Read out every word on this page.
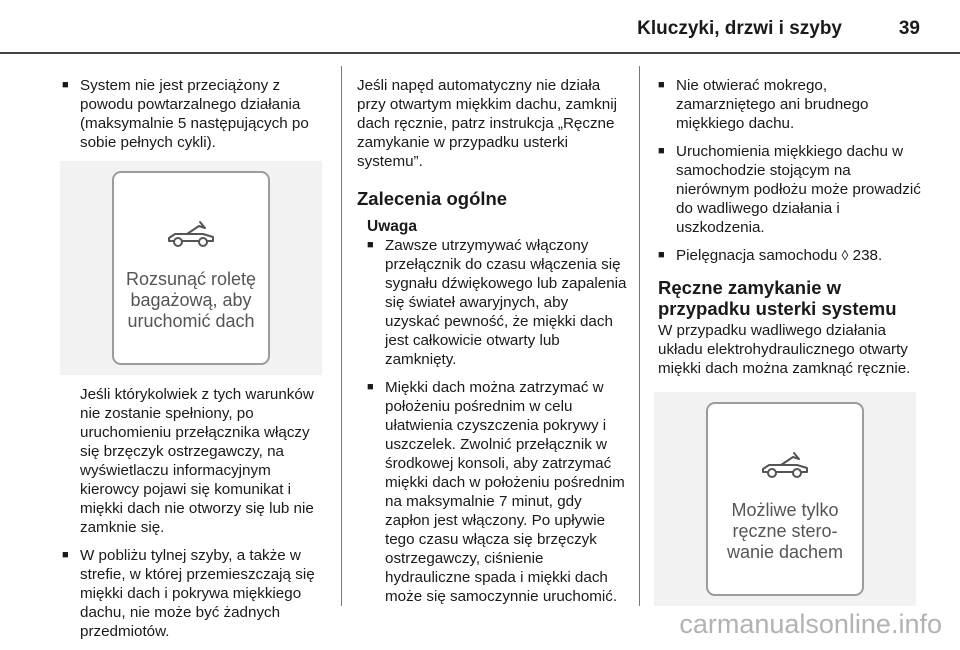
Kluczyki, drzwi i szyby	39

■ System nie jest przeciążony z powodu powtarzalnego działania (maksymalnie 5 następujących po sobie pełnych cykli).

Rozsunąć roletę
bagażową, aby
uruchomić dach

Jeśli którykolwiek z tych warunków nie zostanie spełniony, po uruchomieniu przełącznika włączy się brzęczyk ostrzegawczy, na wyświetlaczu informacyjnym kierowcy pojawi się komunikat i miękki dach nie otworzy się lub nie zamknie się.

■ W pobliżu tylnej szyby, a także w strefie, w której przemieszczają się miękki dach i pokrywa miękkiego dachu, nie może być żadnych przedmiotów.

Jeśli napęd automatyczny nie działa przy otwartym miękkim dachu, zamknij dach ręcznie, patrz instrukcja „Ręczne zamykanie w przypadku usterki systemu”.

Zalecenia ogólne
Uwaga

■ Zawsze utrzymywać włączony przełącznik do czasu włączenia się sygnału dźwiękowego lub zapalenia się świateł awaryjnych, aby uzyskać pewność, że miękki dach jest całkowicie otwarty lub zamknięty.

■ Miękki dach można zatrzymać w położeniu pośrednim w celu ułatwienia czyszczenia pokrywy i uszczelek. Zwolnić przełącznik w środkowej konsoli, aby zatrzymać miękki dach w położeniu pośrednim na maksymalnie 7 minut, gdy zapłon jest włączony. Po upływie tego czasu włącza się brzęczyk ostrzegawczy, ciśnienie hydrauliczne spada i miękki dach może się samoczynnie uruchomić.

■ Nie otwierać mokrego, zamarzniętego ani brudnego miękkiego dachu.

■ Uruchomienia miękkiego dachu w samochodzie stojącym na nierównym podłożu może prowadzić do wadliwego działania i uszkodzenia.

■ Pielęgnacja samochodu ◊ 238.

Ręczne zamykanie w przypadku usterki systemu

W przypadku wadliwego działania układu elektrohydraulicznego otwarty miękki dach można zamknąć ręcznie.

Możliwe tylko
ręczne stero-
wanie dachem
carmanualsonline.info
